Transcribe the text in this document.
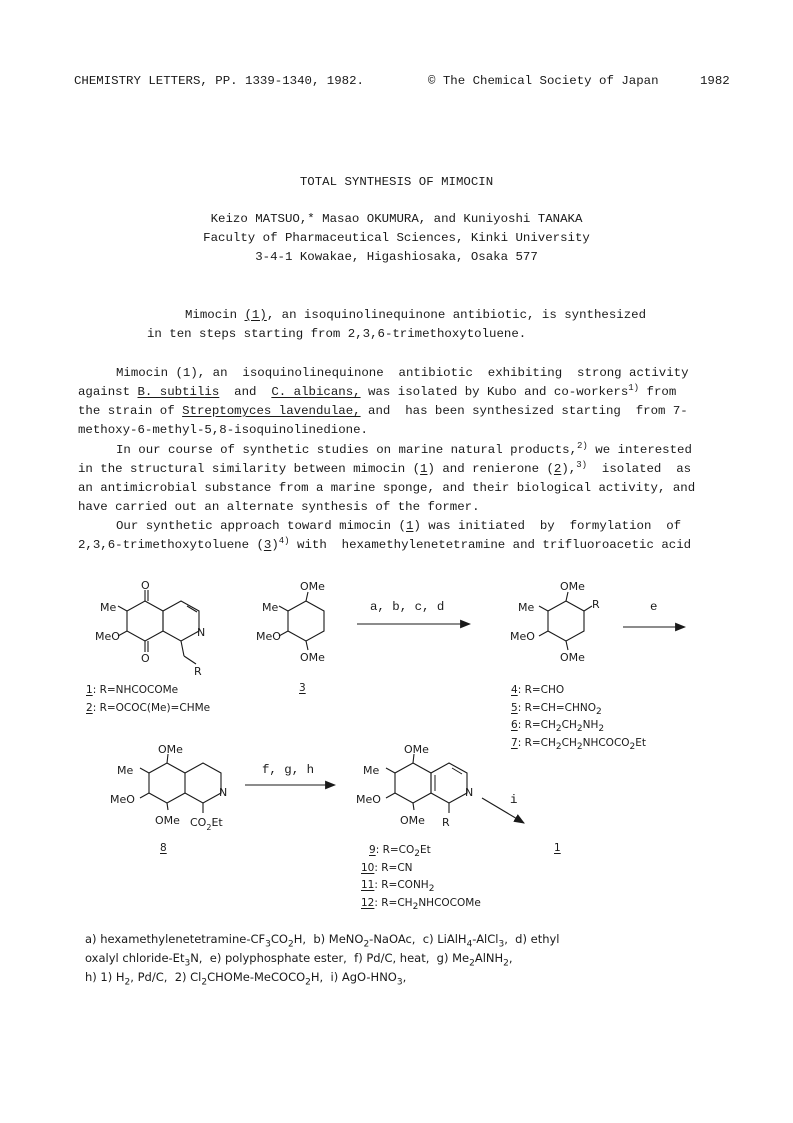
CHEMISTRY LETTERS, PP. 1339-1340, 1982.	© The Chemical Society of Japan	1982
TOTAL SYNTHESIS OF MIMOCIN
Keizo MATSUO,* Masao OKUMURA, and Kuniyoshi TANAKA
Faculty of Pharmaceutical Sciences, Kinki University
3-4-1 Kowakae, Higashiosaka, Osaka 577
Mimocin (1), an isoquinolinequinone antibiotic, is synthesized
in ten steps starting from 2,3,6-trimethoxytoluene.
Mimocin (1), an  isoquinolinequinone  antibiotic  exhibiting  strong activity
against B. subtilis  and  C. albicans, was isolated by Kubo and co-workers$^{1)}$ from
the strain of Streptomyces lavendulae, and  has been synthesized starting  from 7-
methoxy-6-methyl-5,8-isoquinolinedione.
In our course of synthetic studies on marine natural products,$^{2)}$ we interested
in the structural similarity between mimocin (1) and renierone (2),$^{3)}$  isolated  as
an antimicrobial substance from a marine sponge, and their biological activity, and
have carried out an alternate synthesis of the former.
Our synthetic approach toward mimocin (1) was initiated  by  formylation  of
2,3,6-trimethoxytoluene $(3)^{4)}$ with  hexamethylenetetramine and trifluoroacetic acid
O
O
Me
MeO	N
R
OMe
OMe
Me
MeO
a, b, c, d
OMe
OMe
Me
MeO
R	e
OMe
Me
MeO
N
OMe $CO_2Et$
f, g, h
OMe
Me
MeO
N
OMe R
i
3
8	1
1: R=NHCOCOMe
2: R=OCOC(Me)=CHMe
4: R=CHO
5: $R=CH=CHNO_2$
6: $R=CH_2CH_2NH_2$
7: $R=CH_2CH_2NHCOCO_2Et$
9: $R=CO_2Et$
10: R=CN
11: $R=CONH_2$
12: $R=CH_2NHCOCOMe$
a) hexamethylenetetramine-$CF_3CO_2H$,  b) MeNO$_2$-NaOAc,  c) LiAlH$_4$-AlCl$_3$,  d) ethyl
oxalyl chloride-$Et_3N$,  e) polyphosphate ester,  f) Pd/C, heat,  g) $Me_2AlNH_2$,
h) 1) $H_2$, Pd/C,  2) $Cl_2CHOMe-MeCOCO_2H$,  i) AgO-$HNO_3$,
